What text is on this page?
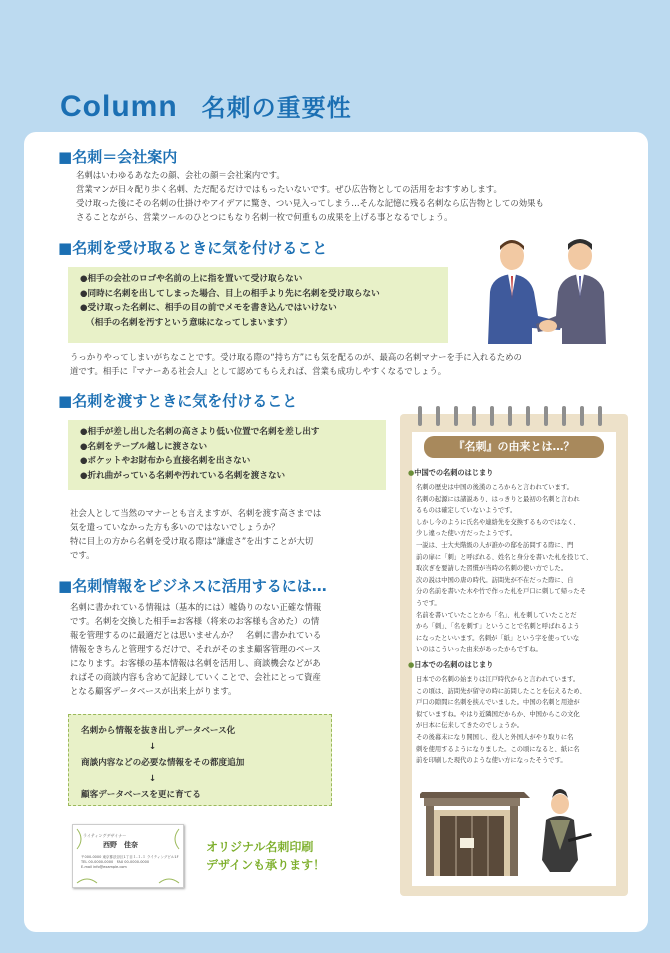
Column 名刺の重要性
■ 名刺＝会社案内
名刺はいわゆるあなたの顔、会社の顔＝会社案内です。
営業マンが日々配り歩く名刺、ただ配るだけではもったいないです。ぜひ広告物としての活用をおすすめします。
受け取った後にその名刺の仕掛けやアイデアに驚き、つい見入ってしまう…そんな記憶に残る名刺なら広告物としての効果も
さることながら、営業ツールのひとつにもなり名刺一枚で何重もの成果を上げる事となるでしょう。
■ 名刺を受け取るときに気を付けること
●相手の会社のロゴや名前の上に指を置いて受け取らない
●同時に名刺を出してしまった場合、目上の相手より先に名刺を受け取らない
●受け取った名刺に、相手の目の前でメモを書き込んではいけない
（相手の名刺を汚すという意味になってしまいます）
うっかりやってしまいがちなことです。受け取る際の“持ち方”にも気を配るのが、最高の名刺マナーを手に入れるための
道です。相手に『マナーある社会人』として認めてもらえれば、営業も成功しやすくなるでしょう。
■ 名刺を渡すときに気を付けること
●相手が差し出した名刺の高さより低い位置で名刺を差し出す
●名刺をテーブル越しに渡さない
●ポケットやお財布から直接名刺を出さない
●折れ曲がっている名刺や汚れている名刺を渡さない
社会人として当然のマナーとも言えますが、名刺を渡す高さまでは
気を遣っていなかった方も多いのではないでしょうか？
特に目上の方から名刺を受け取る際は“謙虚さ”を出すことが大切
です。
■ 名刺情報をビジネスに活用するには…
名刺に書かれている情報は（基本的には）嘘偽りのない正確な情報
です。名刺を交換した相手=お客様（将来のお客様も含めた）の情
報を管理するのに最適だとは思いませんか？　名刺に書かれている
情報をきちんと管理するだけで、それがそのまま顧客管理のベース
になります。お客様の基本情報は名刺を活用し、商談機会などがあ
ればその商談内容も含めて記録していくことで、会社にとって資産
となる顧客データベースが出来上がります。
名刺から情報を抜き出しデータベース化
↓
商談内容などの必要な情報をその都度追加
↓
顧客データベースを更に育てる
ライティングデザイナー
西野　佳奈
〒000-0000 東京都渋谷区1丁目１-１-１ ライティングビル1F
TEL 00-0000-0000　FAX 00-0000-0000
E-mail info@example.com
オリジナル名刺印刷
デザインも承ります！
『名刺』の由来とは…？
● 中国での名刺のはじまり
名刺の歴史は中国の後漢のころからと言われています。
名刺の起源には諸説あり、はっきりと最初の名刺と言われ
るものは確定していないようです。
しかし今のように氏名や連絡先を交換するものではなく、
少し違った使い方だったようです。
一説は、士大夫階級の人が誰かの邸を訪問する際に、門
前の扉に「刺」と呼ばれる、姓名と身分を書いた札を投じて、
取次ぎを要請した習慣が当時の名刺の使い方でした。
次の説は中国の唐の時代。訪問先が不在だった際に、自
分の名前を書いた木や竹で作った札を戸口に刺して帰ったそ
うです。
名前を書いていたことから「名」、札を刺していたことだ
から「刺」、「名を刺す」ということで名刺と呼ばれるよう
になったといいます。名刺が「紙」という字を使っていな
いのはこういった由来があったからですね。
● 日本での名刺のはじまり
日本での名刺の始まりは江戸時代からと言われています。
この頃は、訪問先が留守の時に訪問したことを伝えるため、
戸口の隙間に名刺を挟んでいました。中国の名刺と用途が
似ていますね。やはり近隣国だからか、中国からこの文化
が日本に伝来してきたのでしょうか。
その後幕末になり開国し、役人と外国人がやり取りに名
刺を使用するようになりました。この頃になると、紙に名
前を印刷した現代のような使い方になったそうです。
